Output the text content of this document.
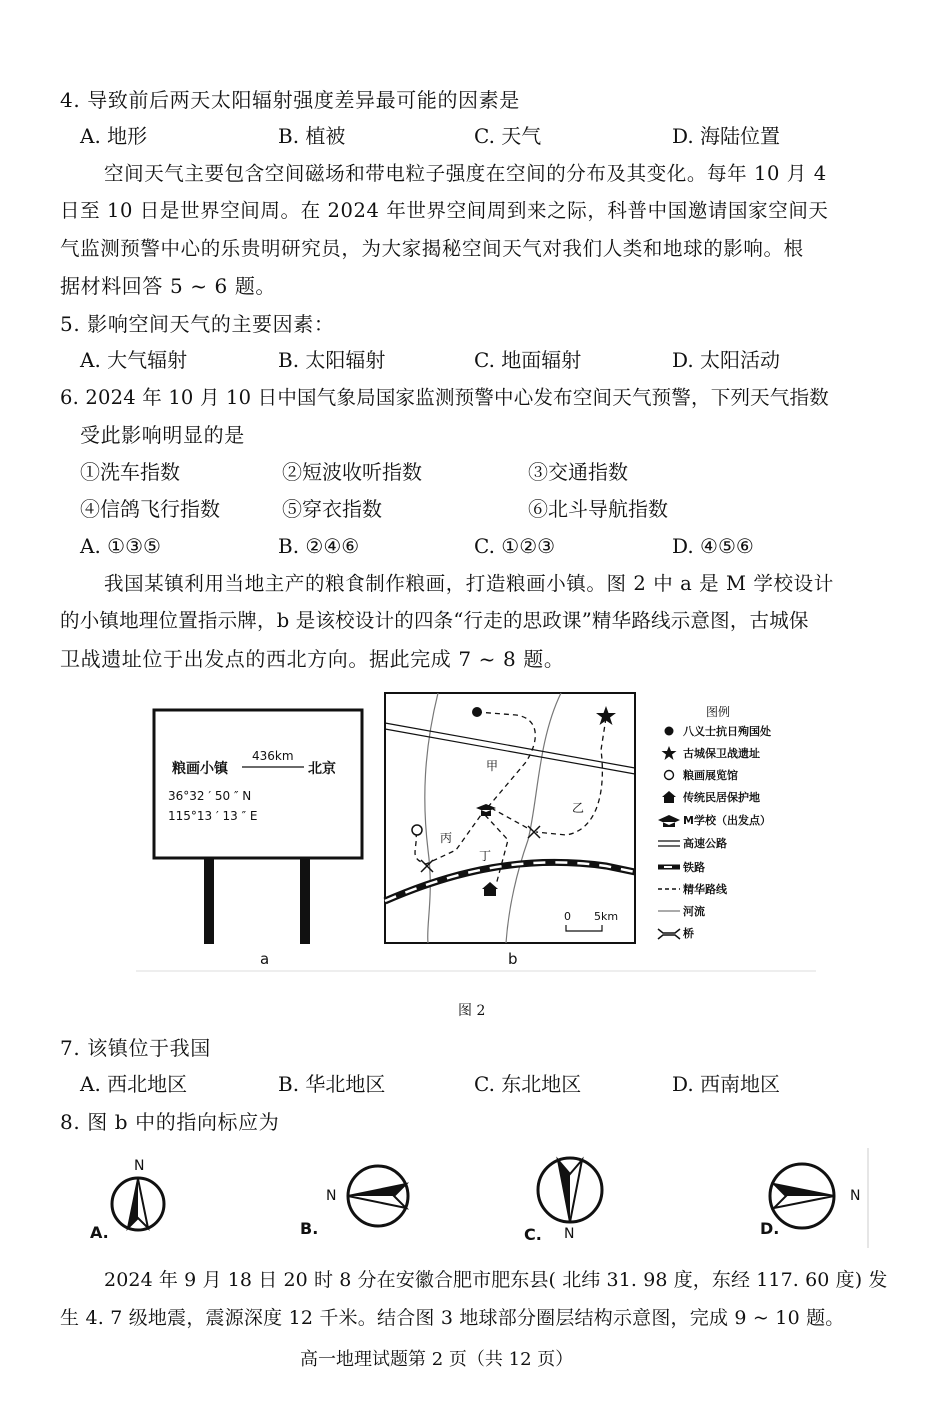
4. 导致前后两天太阳辐射强度差异最可能的因素是
A. 地形	B. 植被	C. 天气	D. 海陆位置
空间天气主要包含空间磁场和带电粒子强度在空间的分布及其变化。每年 10 月 4
日至 10 日是世界空间周。在 2024 年世界空间周到来之际，科普中国邀请国家空间天
气监测预警中心的乐贵明研究员，为大家揭秘空间天气对我们人类和地球的影响。根
据材料回答 5 ~ 6 题。
5. 影响空间天气的主要因素：
A. 大气辐射	B. 太阳辐射	C. 地面辐射	D. 太阳活动
6. 2024 年 10 月 10 日中国气象局国家监测预警中心发布空间天气预警，下列天气指数
受此影响明显的是
①洗车指数	②短波收听指数	③交通指数
④信鸽飞行指数	⑤穿衣指数	⑥北斗导航指数
A. ①③⑤	B. ②④⑥	C. ①②③	D. ④⑤⑥
我国某镇利用当地主产的粮食制作粮画，打造粮画小镇。图 2 中 a 是 M 学校设计
的小镇地理位置指示牌，b 是该校设计的四条“行走的思政课”精华路线示意图，古城保
卫战遗址位于出发点的西北方向。据此完成 7 ~ 8 题。
粮画小镇
436km
北京
36°32 ′ 50 ″ N
115°13 ′ 13 ″ E
甲
乙
丙
丁
0 5km
图例
八义士抗日殉国处
古城保卫战遗址
粮画展览馆
传统民居保护地
M学校（出发点）
高速公路
铁路
精华路线
河流
桥
a	b
图 2
7. 该镇位于我国
A. 西北地区	B. 华北地区	C. 东北地区	D. 西南地区
8. 图 b 中的指向标应为
A.
N
B.
N
C. N	D.
N
2024 年 9 月 18 日 20 时 8 分在安徽合肥市肥东县( 北纬 31. 98 度，东经 117. 60 度) 发
生 4. 7 级地震，震源深度 12 千米。结合图 3 地球部分圈层结构示意图，完成 9 ~ 10 题。
高一地理试题第 2 页（共 12 页）
